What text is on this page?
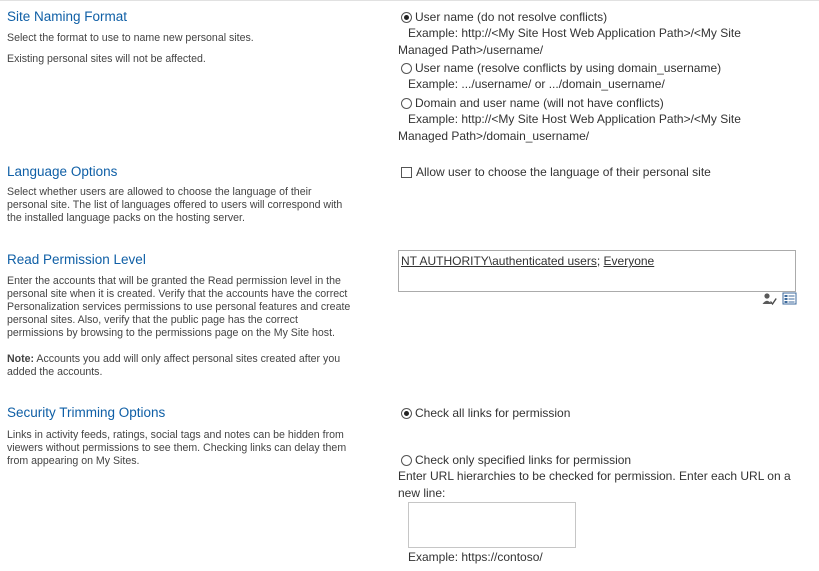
Site Naming Format
Select the format to use to name new personal sites.
Existing personal sites will not be affected.
User name (do not resolve conflicts)
Example: http://<My Site Host Web Application Path>/<My Site
Managed Path>/username/
User name (resolve conflicts by using domain_username)
Example: .../username/ or .../domain_username/
Domain and user name (will not have conflicts)
Example: http://<My Site Host Web Application Path>/<My Site
Managed Path>/domain_username/
Language Options
Select whether users are allowed to choose the language of their
personal site. The list of languages offered to users will correspond with
the installed language packs on the hosting server.
Allow user to choose the language of their personal site
Read Permission Level
Enter the accounts that will be granted the Read permission level in the
personal site when it is created. Verify that the accounts have the correct
Personalization services permissions to use personal features and create
personal sites. Also, verify that the public page has the correct
permissions by browsing to the permissions page on the My Site host.
Note: Accounts you add will only affect personal sites created after you
added the accounts.
NT AUTHORITY\authenticated users; Everyone
Security Trimming Options
Links in activity feeds, ratings, social tags and notes can be hidden from
viewers without permissions to see them. Checking links can delay them
from appearing on My Sites.
Check all links for permission
Check only specified links for permission
Enter URL hierarchies to be checked for permission. Enter each URL on a
new line:
Example: https://contoso/
